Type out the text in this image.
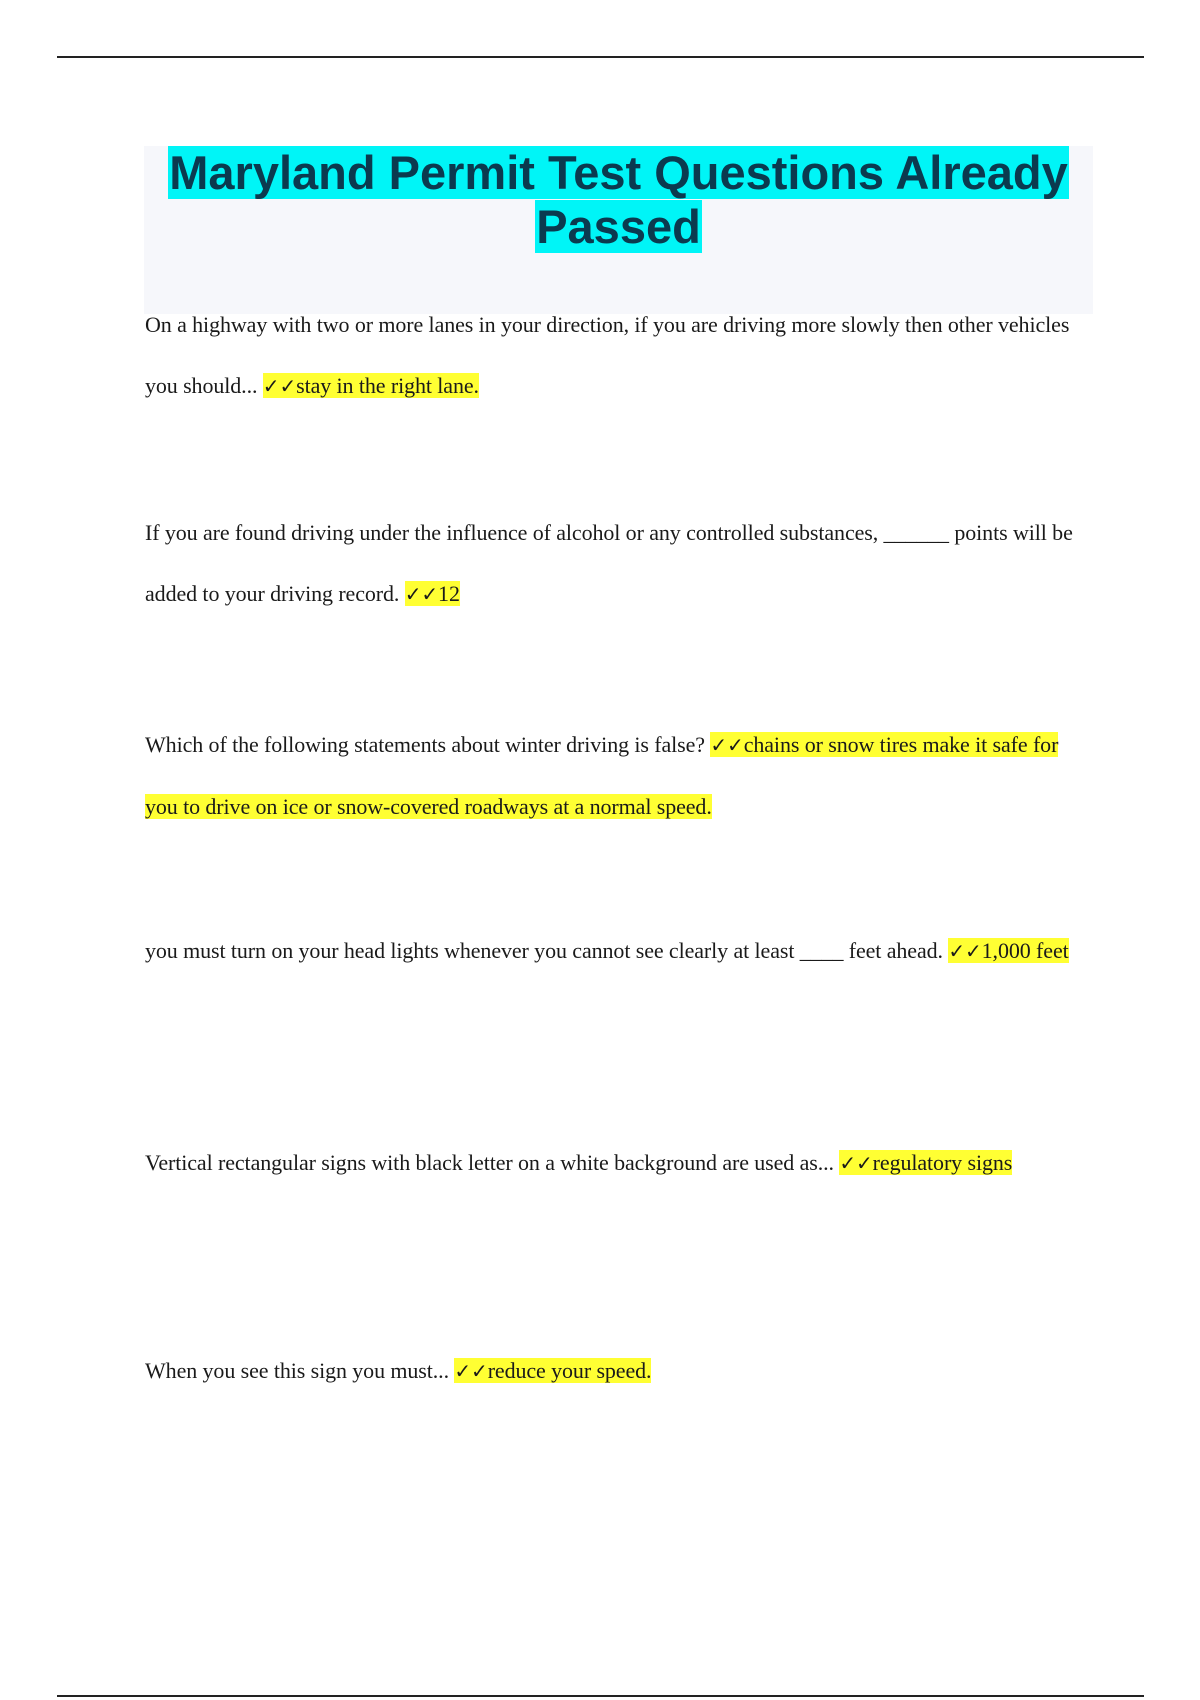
Maryland Permit Test Questions Already Passed

On a highway with two or more lanes in your direction, if you are driving more slowly then other vehicles you should... ✓✓stay in the right lane.

If you are found driving under the influence of alcohol or any controlled substances, ______ points will be added to your driving record. ✓✓12

Which of the following statements about winter driving is false? ✓✓chains or snow tires make it safe for you to drive on ice or snow-covered roadways at a normal speed.

you must turn on your head lights whenever you cannot see clearly at least ____ feet ahead. ✓✓1,000 feet

Vertical rectangular signs with black letter on a white background are used as... ✓✓regulatory signs

When you see this sign you must... ✓✓reduce your speed.
